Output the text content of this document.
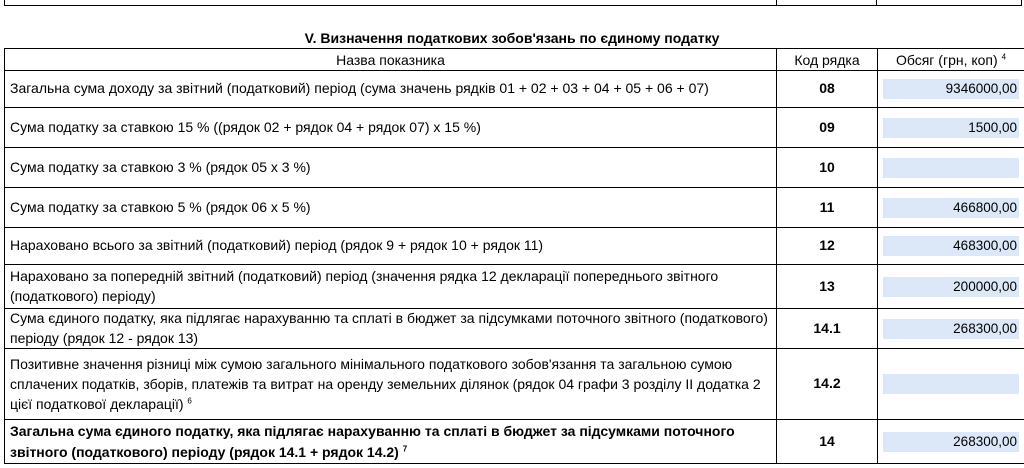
V. Визначення податкових зобов'язань по єдиному податку
Назва показника	Код рядка	Обсяг (грн, коп) $^4$
Загальна сума доходу за звітний (податковий) період (сума значень рядків 01 + 02 + 03 + 04 + 05 + 06 + 07)	08	9346000,00

Сума податку за ставкою 15 % ((рядок 02 + рядок 04 + рядок 07) х 15 %)	09	1500,00

Сума податку за ставкою 3 % (рядок 05 х 3 %)	10	

Сума податку за ставкою 5 % (рядок 06 х 5 %)	11	466800,00

Нараховано всього за звітний (податковий) період (рядок 9 + рядок 10 + рядок 11)	12	468300,00

Нараховано за попередній звітний (податковий) період (значення рядка 12 декларації попереднього звітного (податкового) періоду)	13	200000,00

Сума єдиного податку, яка підлягає нарахуванню та сплаті в бюджет за підсумками поточного звітного (податкового) періоду (рядок 12 - рядок 13)	14.1	268300,00

Позитивне значення різниці між сумою загального мінімального податкового зобов'язання та загальною сумою сплачених податків, зборів, платежів та витрат на оренду земельних ділянок (рядок 04 графи 3 розділу ІІ додатка 2 цієї податкової декларації) $^6$	14.2	

Загальна сума єдиного податку, яка підлягає нарахуванню та сплаті в бюджет за підсумками поточного звітного (податкового) періоду (рядок 14.1 + рядок 14.2) $^7$	14	268300,00
